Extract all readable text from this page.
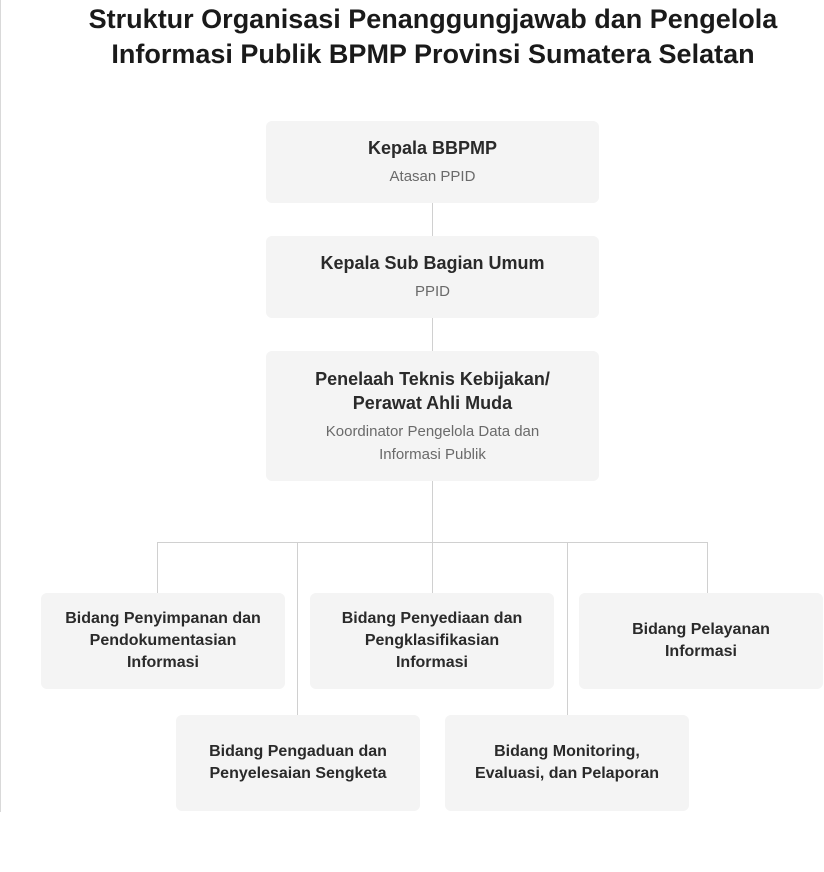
Struktur Organisasi Penanggungjawab dan Pengelola
Informasi Publik BPMP Provinsi Sumatera Selatan
Kepala BBPMP
Atasan PPID
Kepala Sub Bagian Umum
PPID
Penelaah Teknis Kebijakan/
Perawat Ahli Muda
Koordinator Pengelola Data dan
Informasi Publik
Bidang Penyimpanan dan
Pendokumentasian
Informasi
Bidang Penyediaan dan
Pengklasifikasian
Informasi
Bidang Pelayanan
Informasi
Bidang Pengaduan dan
Penyelesaian Sengketa
Bidang Monitoring,
Evaluasi, dan Pelaporan
